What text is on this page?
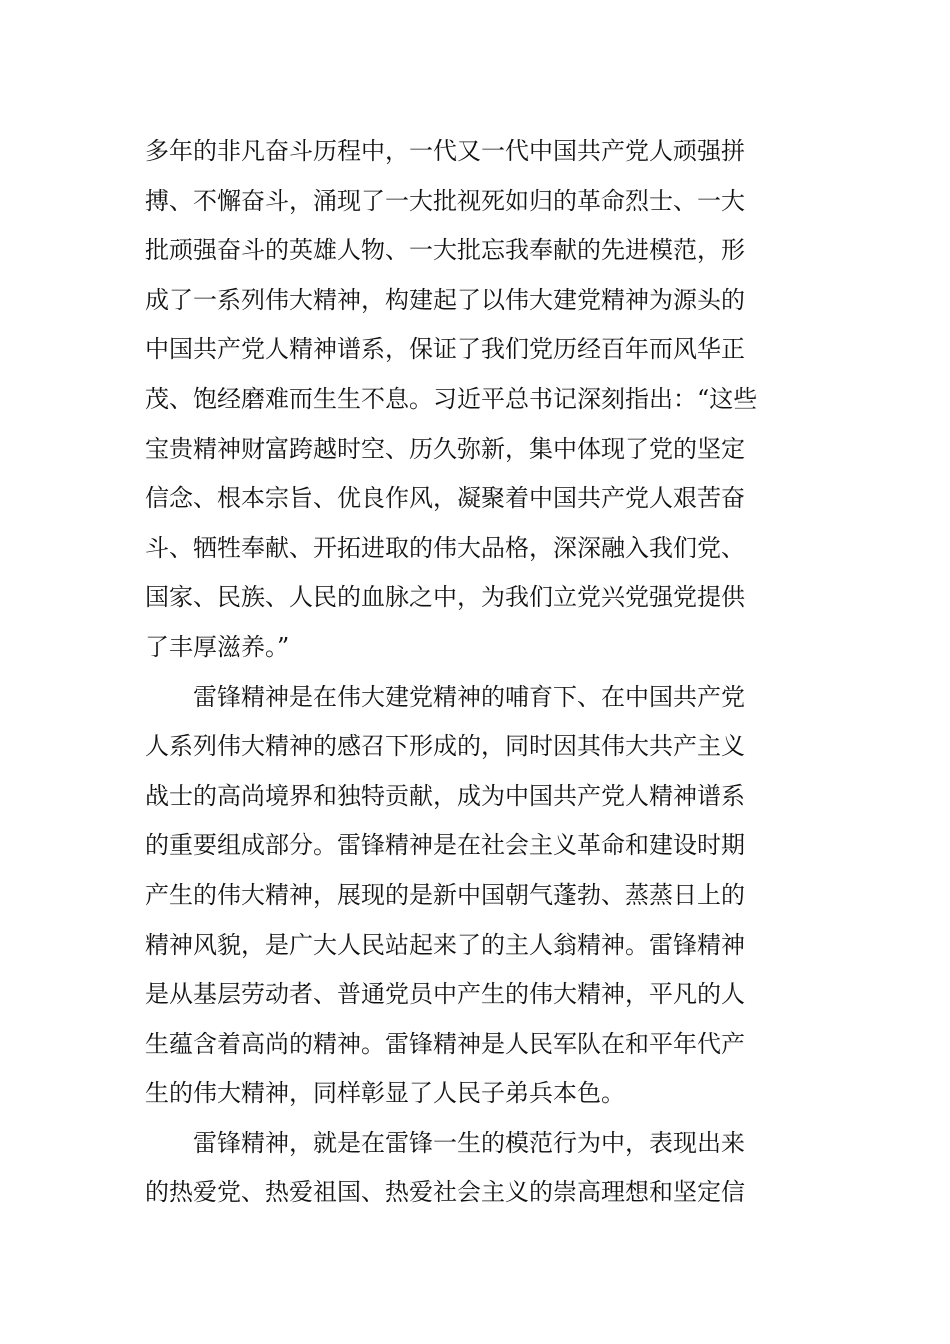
多年的非凡奋斗历程中，一代又一代中国共产党人顽强拼
搏、不懈奋斗，涌现了一大批视死如归的革命烈士、一大
批顽强奋斗的英雄人物、一大批忘我奉献的先进模范，形
成了一系列伟大精神，构建起了以伟大建党精神为源头的
中国共产党人精神谱系，保证了我们党历经百年而风华正
茂、饱经磨难而生生不息。习近平总书记深刻指出：“这些
宝贵精神财富跨越时空、历久弥新，集中体现了党的坚定
信念、根本宗旨、优良作风，凝聚着中国共产党人艰苦奋
斗、牺牲奉献、开拓进取的伟大品格，深深融入我们党、
国家、民族、人民的血脉之中，为我们立党兴党强党提供
了丰厚滋养。”
　　雷锋精神是在伟大建党精神的哺育下、在中国共产党
人系列伟大精神的感召下形成的，同时因其伟大共产主义
战士的高尚境界和独特贡献，成为中国共产党人精神谱系
的重要组成部分。雷锋精神是在社会主义革命和建设时期
产生的伟大精神，展现的是新中国朝气蓬勃、蒸蒸日上的
精神风貌，是广大人民站起来了的主人翁精神。雷锋精神
是从基层劳动者、普通党员中产生的伟大精神，平凡的人
生蕴含着高尚的精神。雷锋精神是人民军队在和平年代产
生的伟大精神，同样彰显了人民子弟兵本色。
　　雷锋精神，就是在雷锋一生的模范行为中，表现出来
的热爱党、热爱祖国、热爱社会主义的崇高理想和坚定信
